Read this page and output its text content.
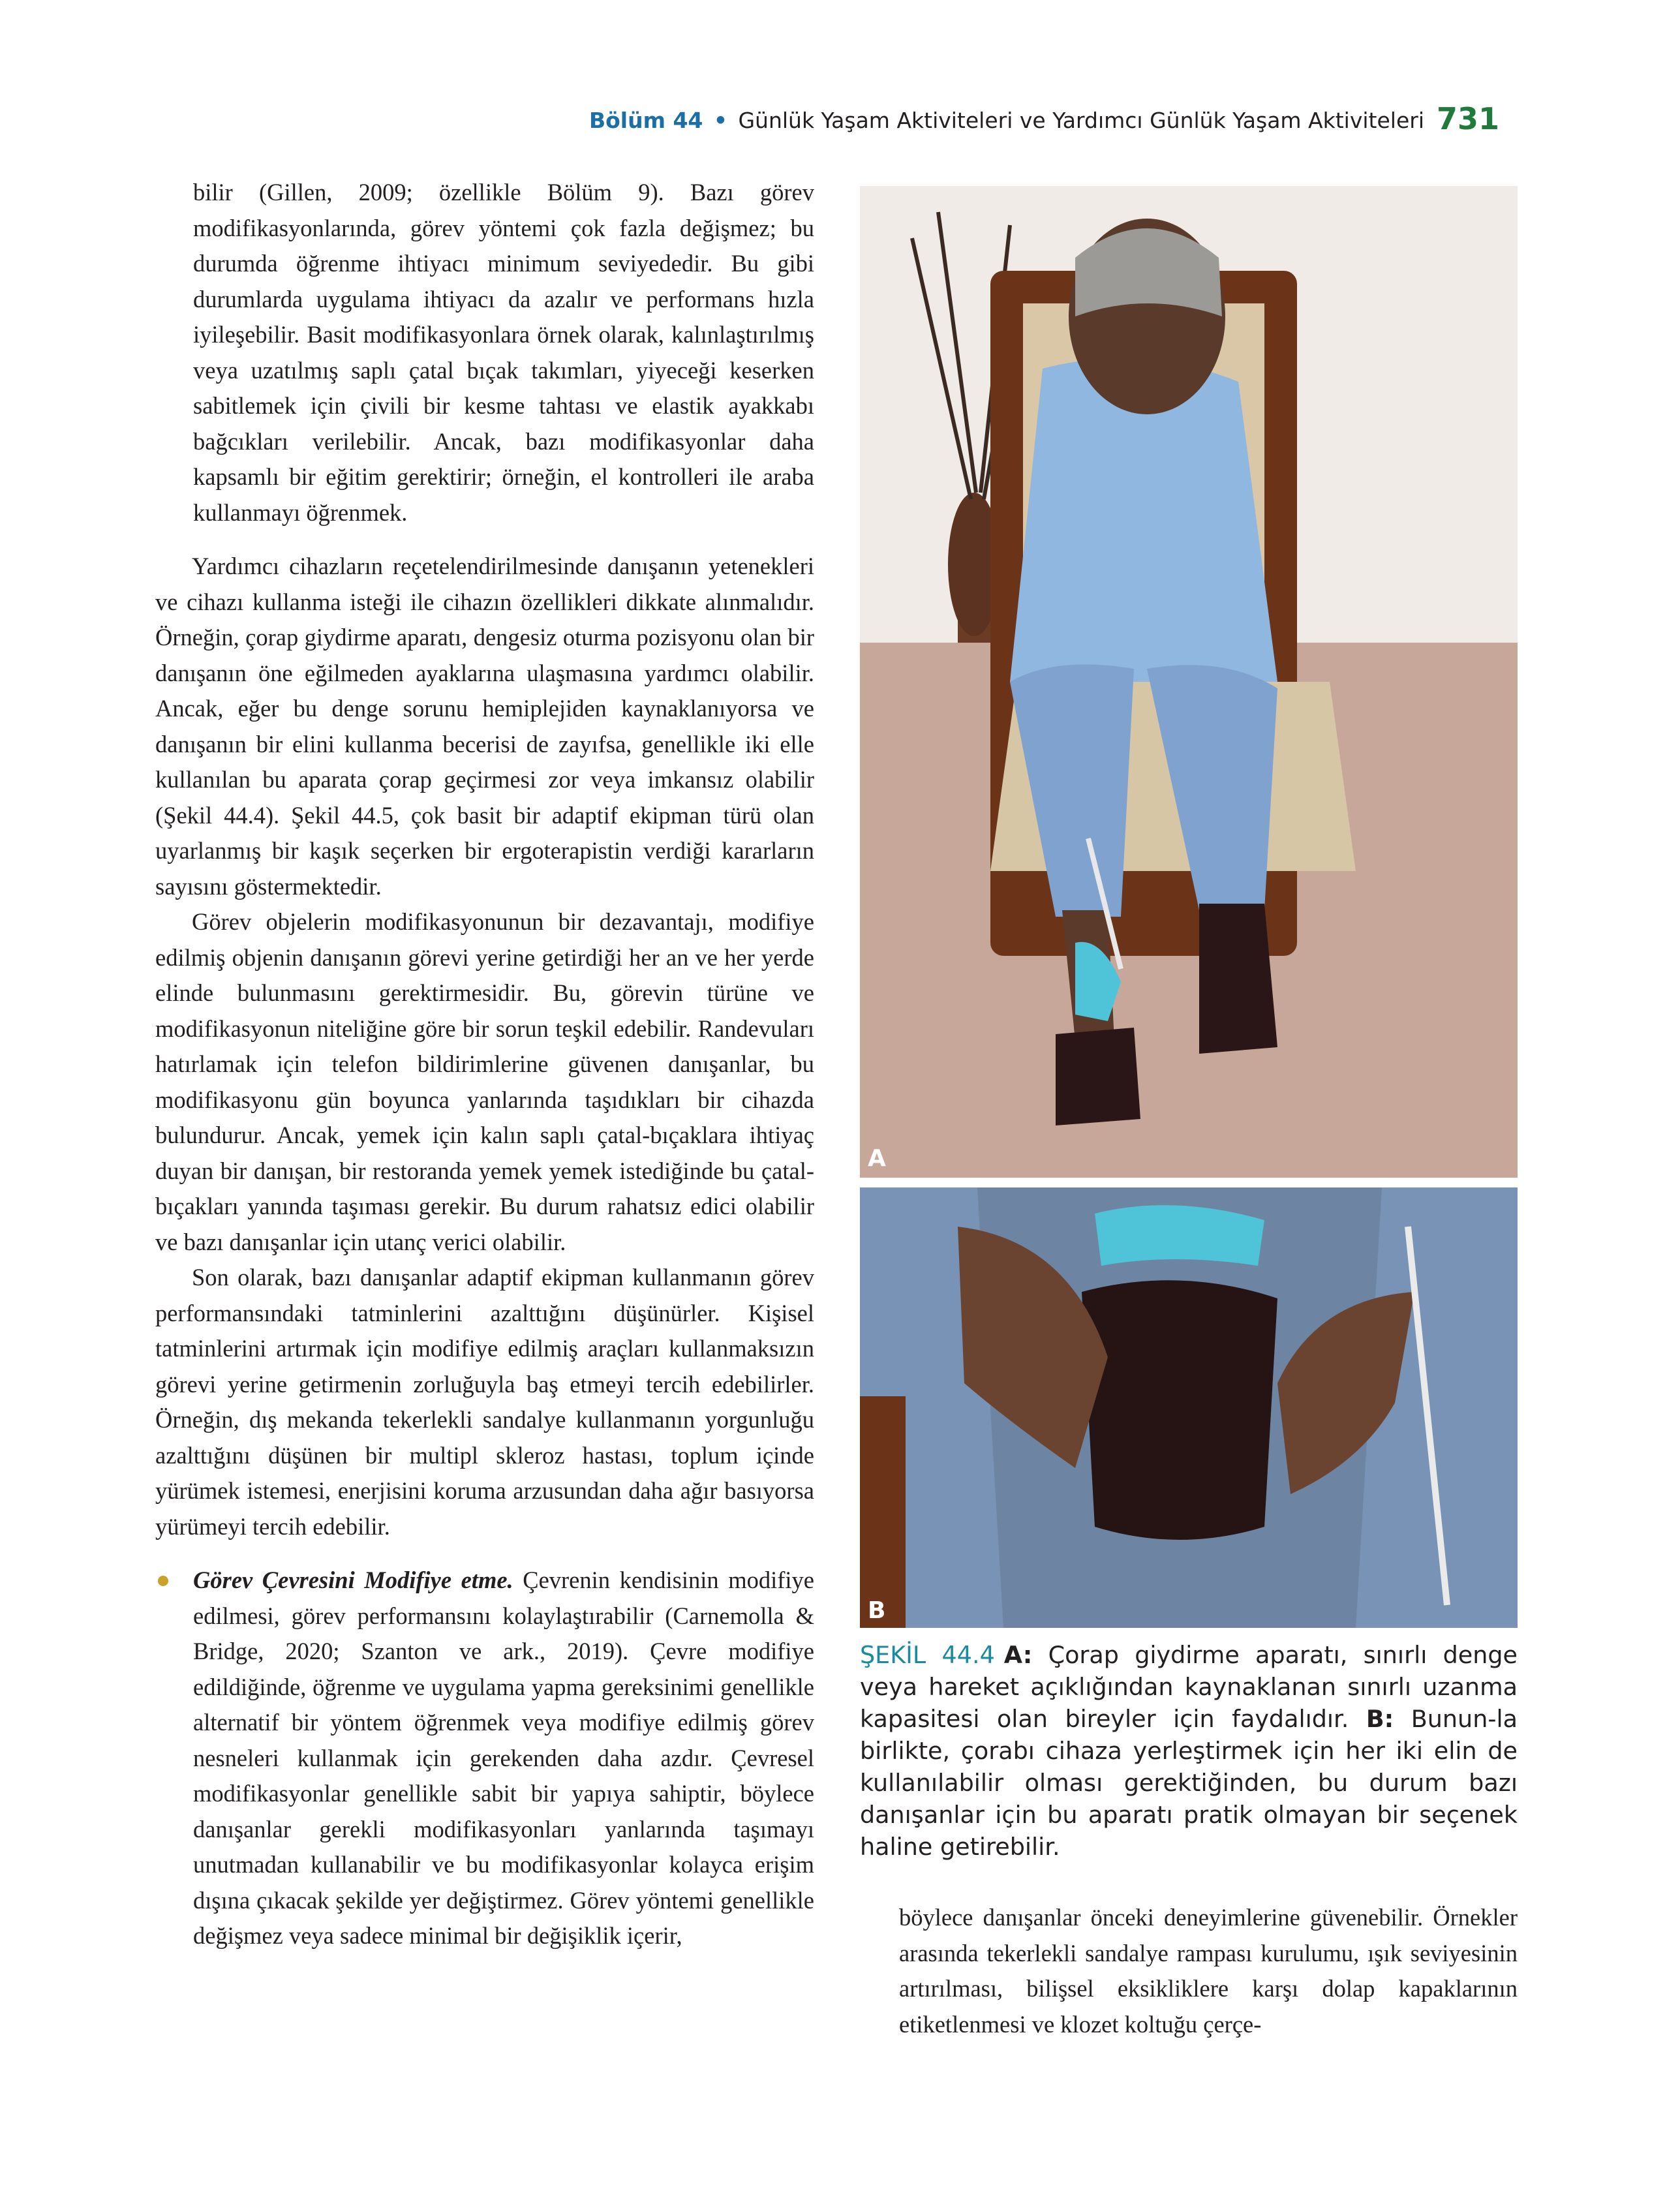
Bölüm 44 • Günlük Yaşam Aktiviteleri ve Yardımcı Günlük Yaşam Aktiviteleri 731

bilir (Gillen, 2009; özellikle Bölüm 9). Bazı görev modifikasyonlarında, görev yöntemi çok fazla değişmez; bu durumda öğrenme ihtiyacı minimum seviyededir. Bu gibi durumlarda uygulama ihtiyacı da azalır ve performans hızla iyileşebilir. Basit modifikasyonlara örnek olarak, kalınlaştırılmış veya uzatılmış saplı çatal bıçak takımları, yiyeceği keserken sabitlemek için çivili bir kesme tahtası ve elastik ayakkabı bağcıkları verilebilir. Ancak, bazı modifikasyonlar daha kapsamlı bir eğitim gerektirir; örneğin, el kontrolleri ile araba kullanmayı öğrenmek.

Yardımcı cihazların reçetelendirilmesinde danışanın yetenekleri ve cihazı kullanma isteği ile cihazın özellikleri dikkate alınmalıdır. Örneğin, çorap giydirme aparatı, dengesiz oturma pozisyonu olan bir danışanın öne eğilmeden ayaklarına ulaşmasına yardımcı olabilir. Ancak, eğer bu denge sorunu hemiplejiden kaynaklanıyorsa ve danışanın bir elini kullanma becerisi de zayıfsa, genellikle iki elle kullanılan bu aparata çorap geçirmesi zor veya imkansız olabilir (Şekil 44.4). Şekil 44.5, çok basit bir adaptif ekipman türü olan uyarlanmış bir kaşık seçerken bir ergoterapistin verdiği kararların sayısını göstermektedir.

Görev objelerin modifikasyonunun bir dezavantajı, modifiye edilmiş objenin danışanın görevi yerine getirdiği her an ve her yerde elinde bulunmasını gerektirmesidir. Bu, görevin türüne ve modifikasyonun niteliğine göre bir sorun teşkil edebilir. Randevuları hatırlamak için telefon bildirimlerine güvenen danışanlar, bu modifikasyonu gün boyunca yanlarında taşıdıkları bir cihazda bulundurur. Ancak, yemek için kalın saplı çatal-bıçaklara ihtiyaç duyan bir danışan, bir restoranda yemek yemek istediğinde bu çatal-bıçakları yanında taşıması gerekir. Bu durum rahatsız edici olabilir ve bazı danışanlar için utanç verici olabilir.

Son olarak, bazı danışanlar adaptif ekipman kullanmanın görev performansındaki tatminlerini azalttığını düşünürler. Kişisel tatminlerini artırmak için modifiye edilmiş araçları kullanmaksızın görevi yerine getirmenin zorluğuyla baş etmeyi tercih edebilirler. Örneğin, dış mekanda tekerlekli sandalye kullanmanın yorgunluğu azalttığını düşünen bir multipl skleroz hastası, toplum içinde yürümek istemesi, enerjisini koruma arzusundan daha ağır basıyorsa yürümeyi tercih edebilir.

Görev Çevresini Modifiye etme. Çevrenin kendisinin modifiye edilmesi, görev performansını kolaylaştırabilir (Carnemolla & Bridge, 2020; Szanton ve ark., 2019). Çevre modifiye edildiğinde, öğrenme ve uygulama yapma gereksinimi genellikle alternatif bir yöntem öğrenmek veya modifiye edilmiş görev nesneleri kullanmak için gerekenden daha azdır. Çevresel modifikasyonlar genellikle sabit bir yapıya sahiptir, böylece danışanlar gerekli modifikasyonları yanlarında taşımayı unutmadan kullanabilir ve bu modifikasyonlar kolayca erişim dışına çıkacak şekilde yer değiştirmez. Görev yöntemi genellikle değişmez veya sadece minimal bir değişiklik içerir,
A
B
ŞEKİL 44.4 A: Çorap giydirme aparatı, sınırlı denge veya hareket açıklığından kaynaklanan sınırlı uzanma kapasitesi olan bireyler için faydalıdır. B: Bunun-la birlikte, çorabı cihaza yerleştirmek için her iki elin de kullanılabilir olması gerektiğinden, bu durum bazı danışanlar için bu aparatı pratik olmayan bir seçenek haline getirebilir.

böylece danışanlar önceki deneyimlerine güvenebilir. Örnekler arasında tekerlekli sandalye rampası kurulumu, ışık seviyesinin artırılması, bilişsel eksikliklere karşı dolap kapaklarının etiketlenmesi ve klozet koltuğu çerçe-
